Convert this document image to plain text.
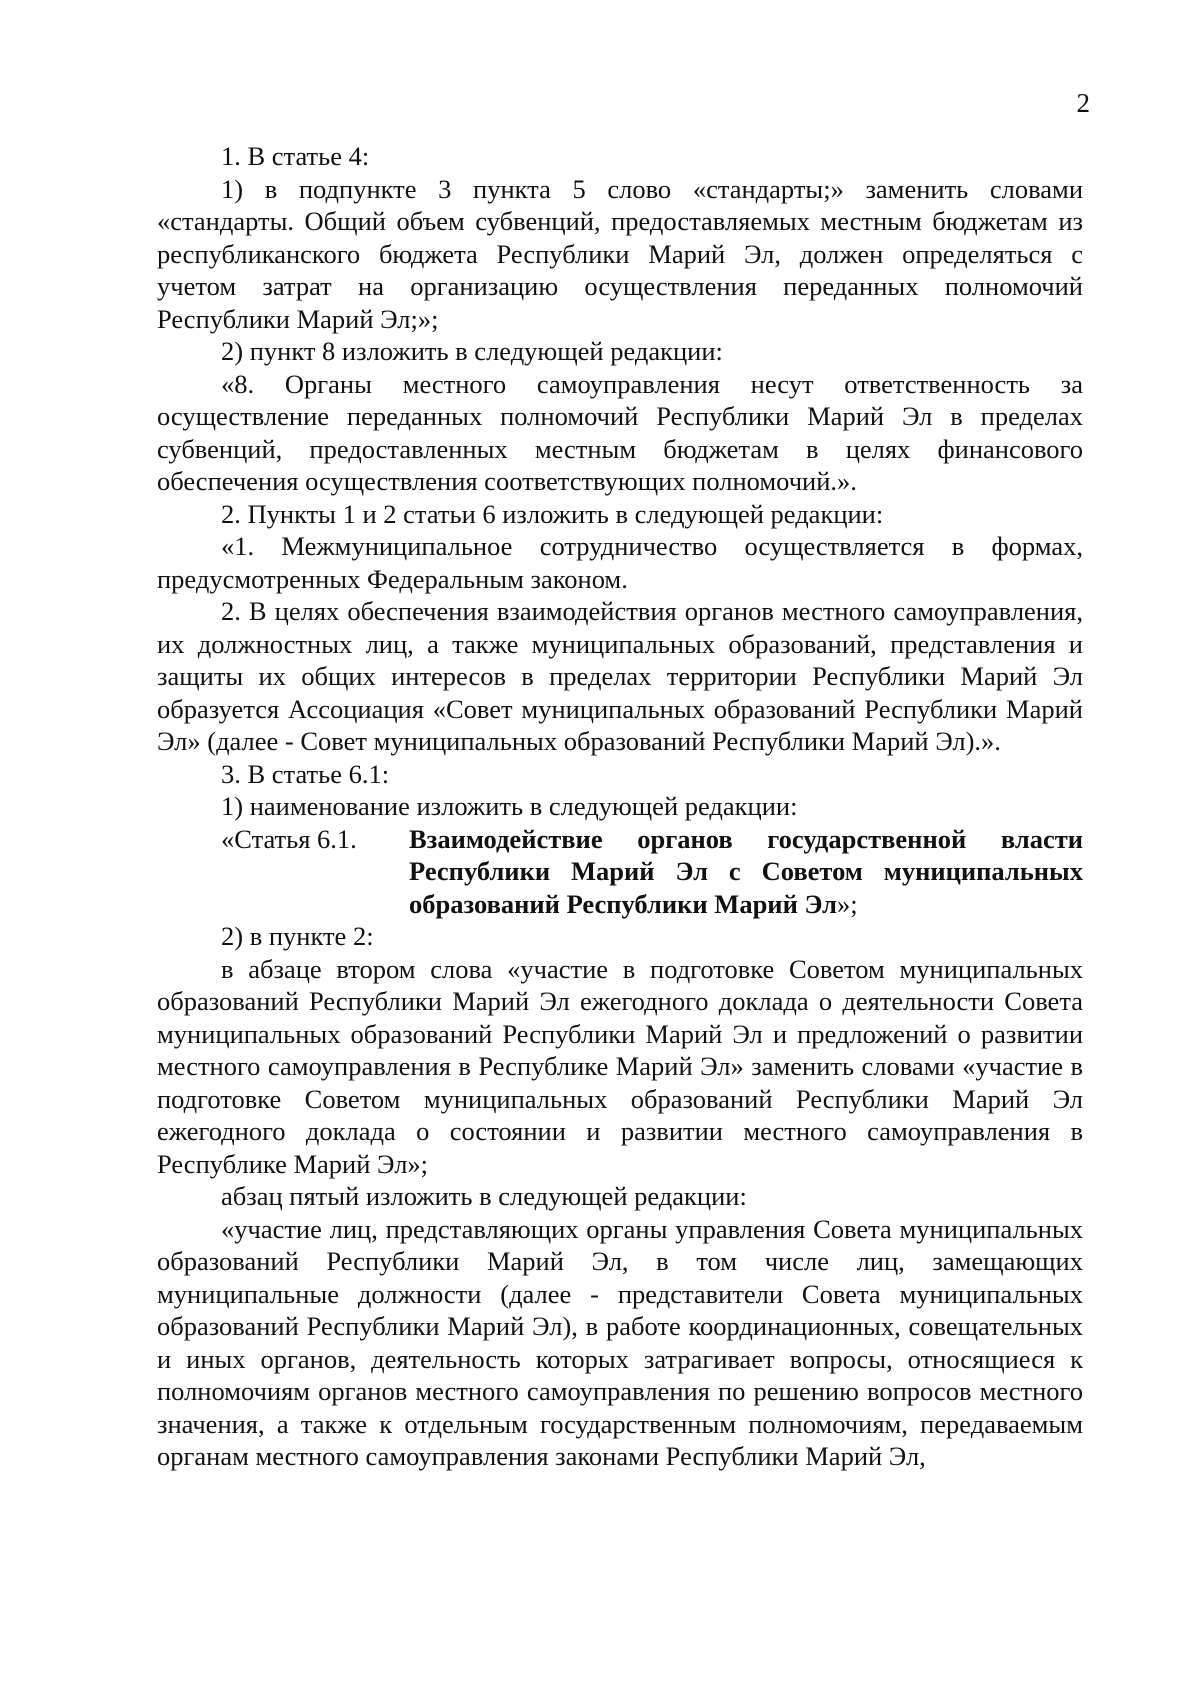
2

1. В статье 4:

1) в подпункте 3 пункта 5 слово «стандарты;» заменить словами «стандарты. Общий объем субвенций, предоставляемых местным бюджетам из республиканского бюджета Республики Марий Эл, должен определяться с учетом затрат на организацию осуществления переданных полномочий Республики Марий Эл;»;

2) пункт 8 изложить в следующей редакции:

«8. Органы местного самоуправления несут ответственность за осуществление переданных полномочий Республики Марий Эл в пределах субвенций, предоставленных местным бюджетам в целях финансового обеспечения осуществления соответствующих полномочий.».

2. Пункты 1 и 2 статьи 6 изложить в следующей редакции:

«1. Межмуниципальное сотрудничество осуществляется в формах, предусмотренных Федеральным законом.

2. В целях обеспечения взаимодействия органов местного самоуправления, их должностных лиц, а также муниципальных образований, представления и защиты их общих интересов в пределах территории Республики Марий Эл образуется Ассоциация «Совет муниципальных образований Республики Марий Эл» (далее - Совет муниципальных образований Республики Марий Эл).».

3. В статье 6.1:

1) наименование изложить в следующей редакции:

«Статья 6.1.	Взаимодействие органов государственной власти Республики Марий Эл с Советом муниципальных образований Республики Марий Эл»;

2) в пункте 2:

в абзаце втором слова «участие в подготовке Советом муниципальных образований Республики Марий Эл ежегодного доклада о деятельности Совета муниципальных образований Республики Марий Эл и предложений о развитии местного самоуправления в Республике Марий Эл» заменить словами «участие в подготовке Советом муниципальных образований Республики Марий Эл ежегодного доклада о состоянии и развитии местного самоуправления в Республике Марий Эл»;

абзац пятый изложить в следующей редакции:

«участие лиц, представляющих органы управления Совета муниципальных образований Республики Марий Эл, в том числе лиц, замещающих муниципальные должности (далее - представители Совета муниципальных образований Республики Марий Эл), в работе координационных, совещательных и иных органов, деятельность которых затрагивает вопросы, относящиеся к полномочиям органов местного самоуправления по решению вопросов местного значения, а также к отдельным государственным полномочиям, передаваемым органам местного самоуправления законами Республики Марий Эл,
